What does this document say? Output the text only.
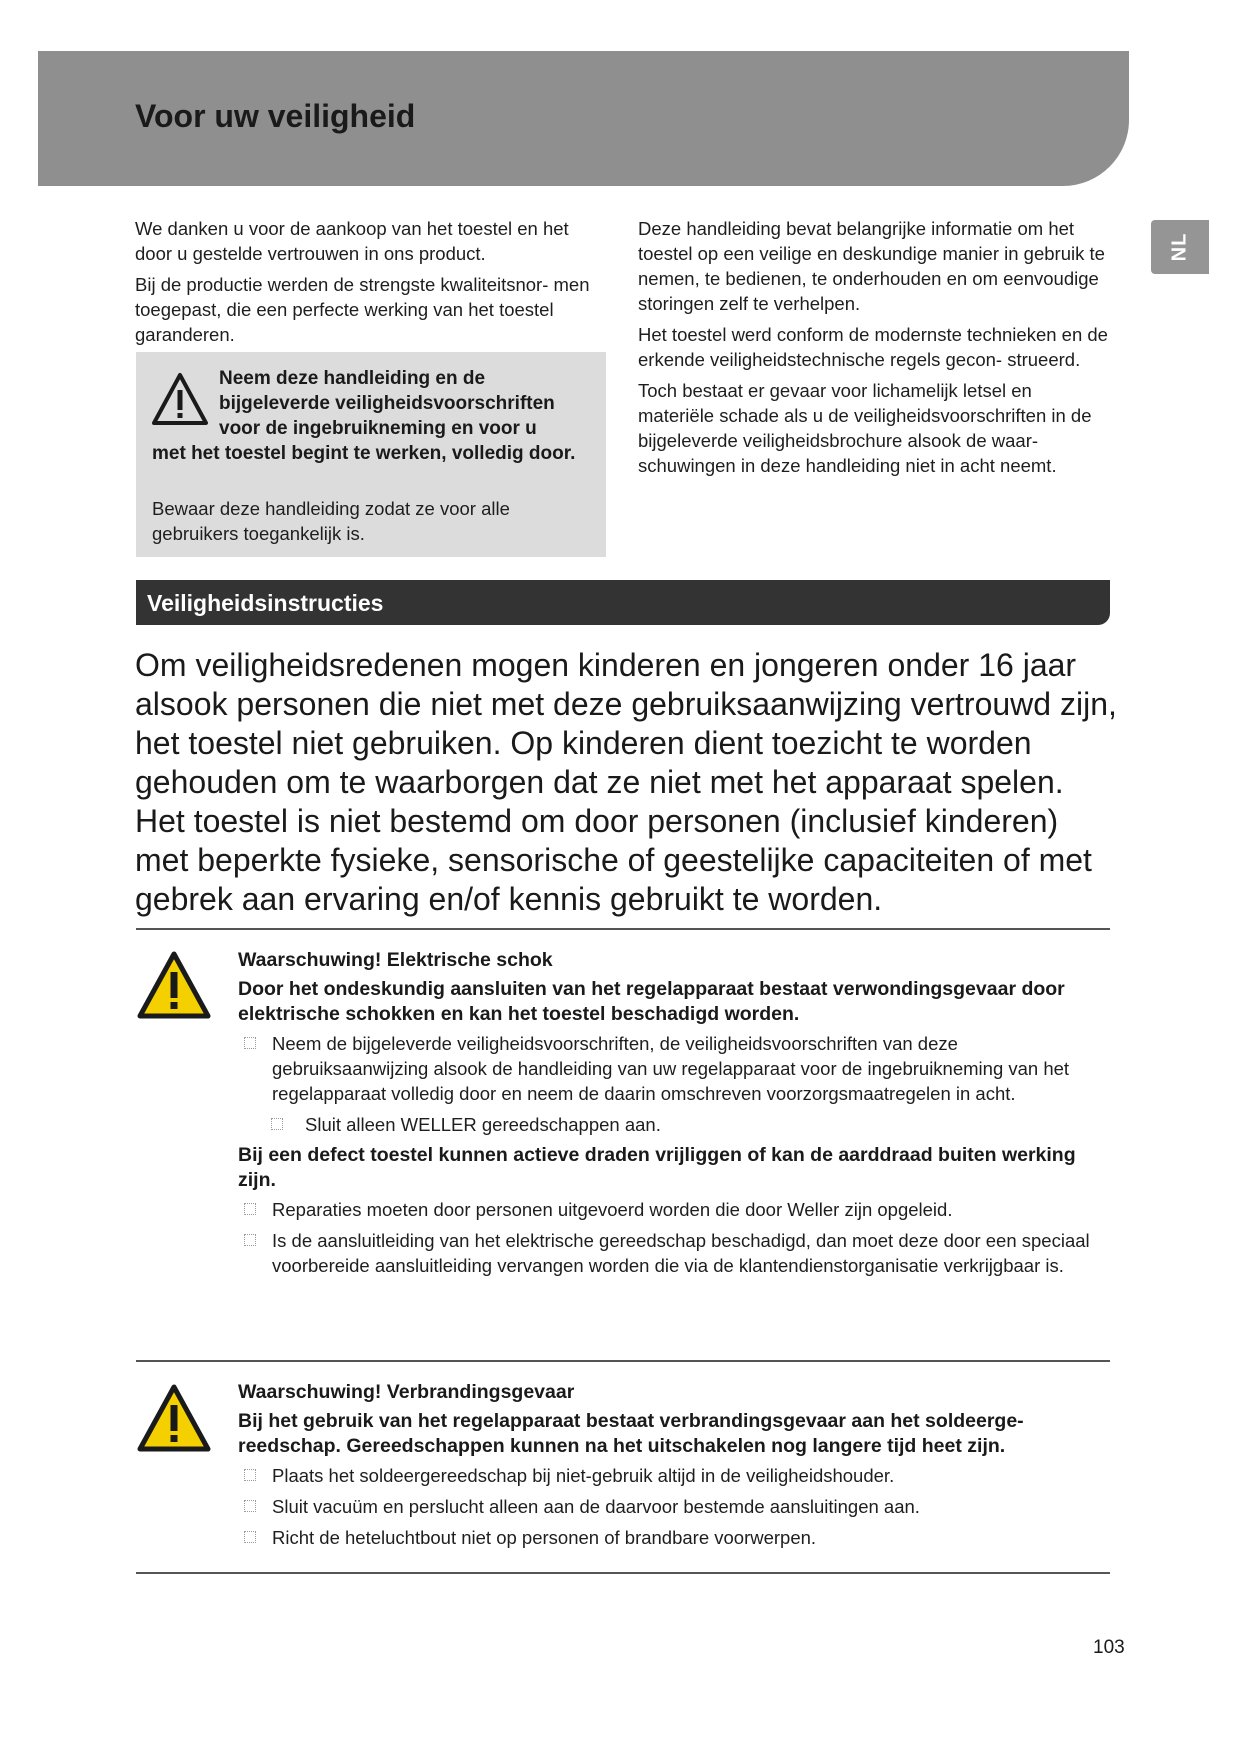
Voor uw veiligheid
NL

We danken u voor de aankoop van het toestel en het door u gestelde vertrouwen in ons product.

Bij de productie werden de strengste kwaliteitsnor- men toegepast, die een perfecte werking van het toestel garanderen.

Deze handleiding bevat belangrijke informatie om het toestel op een veilige en deskundige manier in gebruik te nemen, te bedienen, te onderhouden en om eenvoudige storingen zelf te verhelpen.

Het toestel werd conform de modernste technieken en de erkende veiligheidstechnische regels gecon- strueerd.

Toch bestaat er gevaar voor lichamelijk letsel en materiële schade als u de veiligheidsvoorschriften in de bijgeleverde veiligheidsbrochure alsook de waar- schuwingen in deze handleiding niet in acht neemt.

Neem deze handleiding en de
bijgeleverde veiligheidsvoorschriften
voor de ingebruikneming en voor u
met het toestel begint te werken, volledig door.
Bewaar deze handleiding zodat ze voor alle gebruikers toegankelijk is.
Veiligheidsinstructies

Om veiligheidsredenen mogen kinderen en jongeren onder 16 jaar alsook personen die niet met deze gebruiksaanwijzing vertrouwd zijn, het toestel niet gebruiken. Op kinderen dient toezicht te worden gehouden om te waarborgen dat ze niet met het apparaat spelen. Het toestel is niet bestemd om door personen (inclusief kinderen) met beperkte fysieke, sensorische of geestelijke capaciteiten of met gebrek aan ervaring en/of kennis gebruikt te worden.

Waarschuwing! Elektrische schok

Door het ondeskundig aansluiten van het regelapparaat bestaat verwondingsgevaar door elektrische schokken en kan het toestel beschadigd worden.

Neem de bijgeleverde veiligheidsvoorschriften, de veiligheidsvoorschriften van deze gebruiksaanwijzing alsook de handleiding van uw regelapparaat voor de ingebruikneming van het regelapparaat volledig door en neem de daarin omschreven voorzorgsmaatregelen in acht.

Sluit alleen WELLER gereedschappen aan.

Bij een defect toestel kunnen actieve draden vrijliggen of kan de aarddraad buiten werking zijn.

Reparaties moeten door personen uitgevoerd worden die door Weller zijn opgeleid.

Is de aansluitleiding van het elektrische gereedschap beschadigd, dan moet deze door een speciaal voorbereide aansluitleiding vervangen worden die via de klantendienstorganisatie verkrijgbaar is.

Waarschuwing! Verbrandingsgevaar

Bij het gebruik van het regelapparaat bestaat verbrandingsgevaar aan het soldeerge- reedschap. Gereedschappen kunnen na het uitschakelen nog langere tijd heet zijn.

Plaats het soldeergereedschap bij niet-gebruik altijd in de veiligheidshouder.

Sluit vacuüm en perslucht alleen aan de daarvoor bestemde aansluitingen aan.

Richt de heteluchtbout niet op personen of brandbare voorwerpen.

103
